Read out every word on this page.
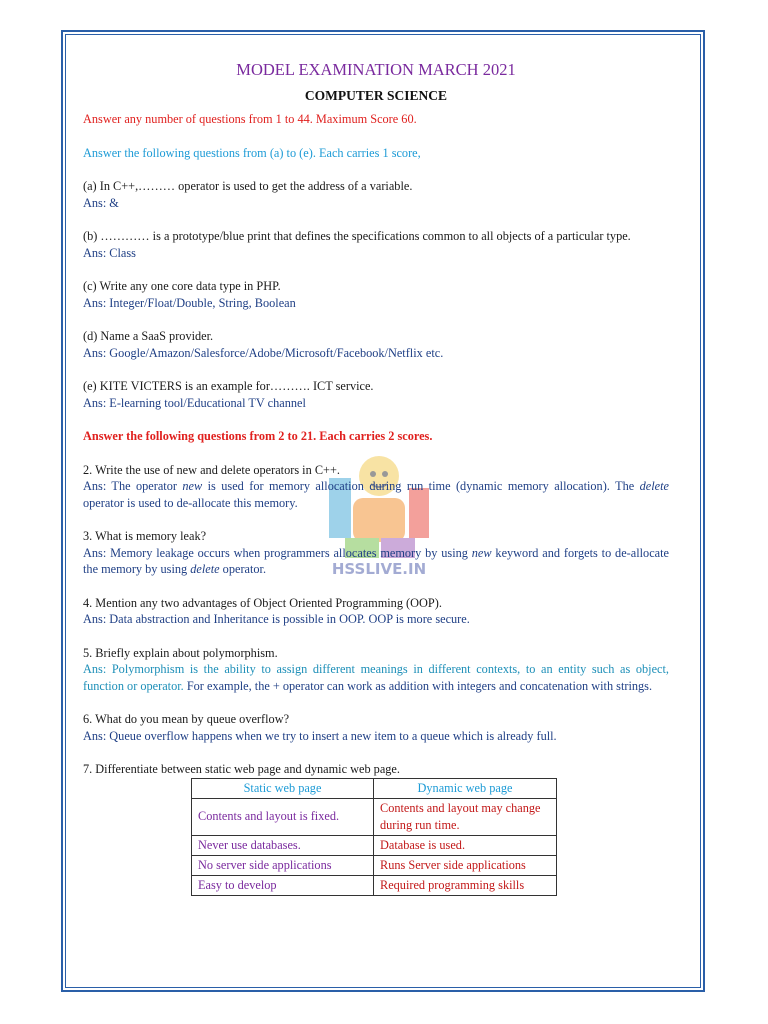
HSSLIVE.IN
MODEL EXAMINATION MARCH 2021
COMPUTER SCIENCE

Answer any number of questions from 1 to 44. Maximum Score 60.

Answer the following questions from (a) to (e). Each carries 1 score,

(a) In C++,……… operator is used to get the address of a variable.

Ans: &

(b) ………… is a prototype/blue print that defines the specifications common to all objects of a particular type.

Ans: Class

(c) Write any one core data type in PHP.

Ans: Integer/Float/Double, String, Boolean

(d) Name a SaaS provider.

Ans: Google/Amazon/Salesforce/Adobe/Microsoft/Facebook/Netflix etc.

(e) KITE VICTERS is an example for………. ICT service.

Ans: E-learning tool/Educational TV channel

Answer the following questions from 2 to 21. Each carries 2 scores.

2. Write the use of new and delete operators in C++.

Ans: The operator new is used for memory allocation during run time (dynamic memory allocation). The delete operator is used to de-allocate this memory.

3. What is memory leak?

Ans: Memory leakage occurs when programmers allocates memory by using new keyword and forgets to de-allocate the memory by using delete operator.

4. Mention any two advantages of Object Oriented Programming (OOP).

Ans: Data abstraction and Inheritance is possible in OOP. OOP is more secure.

5. Briefly explain about polymorphism.

Ans: Polymorphism is the ability to assign different meanings in different contexts, to an entity such as object, function or operator. For example, the + operator can work as addition with integers and concatenation with strings.

6. What do you mean by queue overflow?

Ans: Queue overflow happens when we try to insert a new item to a queue which is already full.

7. Differentiate between static web page and dynamic web page.

Static web page	Dynamic web page
Contents and layout is fixed.	Contents and layout may change during run time.
Never use databases.	Database is used.
No server side applications	Runs Server side applications
Easy to develop	Required programming skills
